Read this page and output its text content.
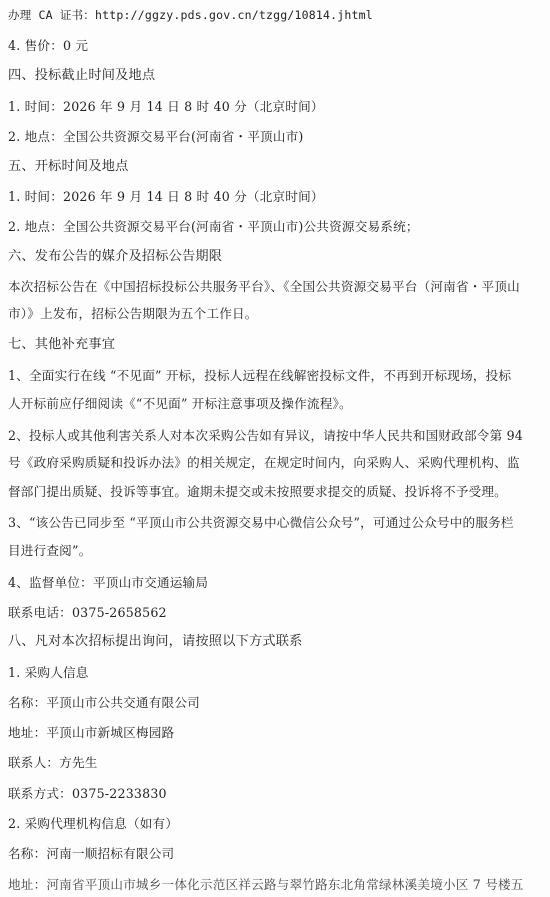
办理 CA 证书：http://ggzy.pds.gov.cn/tzgg/10814.jhtml
4. 售价：0 元
四、投标截止时间及地点
1. 时间：2026 年 9 月 14 日 8 时 40 分（北京时间）
2. 地点：全国公共资源交易平台(河南省・平顶山市)
五、开标时间及地点
1. 时间：2026 年 9 月 14 日 8 时 40 分（北京时间）
2. 地点：全国公共资源交易平台(河南省・平顶山市)公共资源交易系统；
六、发布公告的媒介及招标公告期限
本次招标公告在《中国招标投标公共服务平台》、《全国公共资源交易平台（河南省・平顶山
市）》上发布，招标公告期限为五个工作日。
七、其他补充事宜
1、全面实行在线 “不见面” 开标，投标人远程在线解密投标文件，不再到开标现场，投标
人开标前应仔细阅读《“不见面” 开标注意事项及操作流程》。
2、投标人或其他利害关系人对本次采购公告如有异议，请按中华人民共和国财政部令第 94
号《政府采购质疑和投诉办法》的相关规定，在规定时间内，向采购人、采购代理机构、监
督部门提出质疑、投诉等事宜。逾期未提交或未按照要求提交的质疑、投诉将不予受理。
3、“该公告已同步至 “平顶山市公共资源交易中心微信公众号”，可通过公众号中的服务栏
目进行查阅”。
4、监督单位：平顶山市交通运输局
联系电话：0375-2658562
八、凡对本次招标提出询问，请按照以下方式联系
1. 采购人信息
名称：平顶山市公共交通有限公司
地址：平顶山市新城区梅园路
联系人：方先生
联系方式：0375-2233830
2. 采购代理机构信息（如有）
名称：河南一顺招标有限公司
地址：河南省平顶山市城乡一体化示范区祥云路与翠竹路东北角常绿林溪美境小区 7 号楼五
